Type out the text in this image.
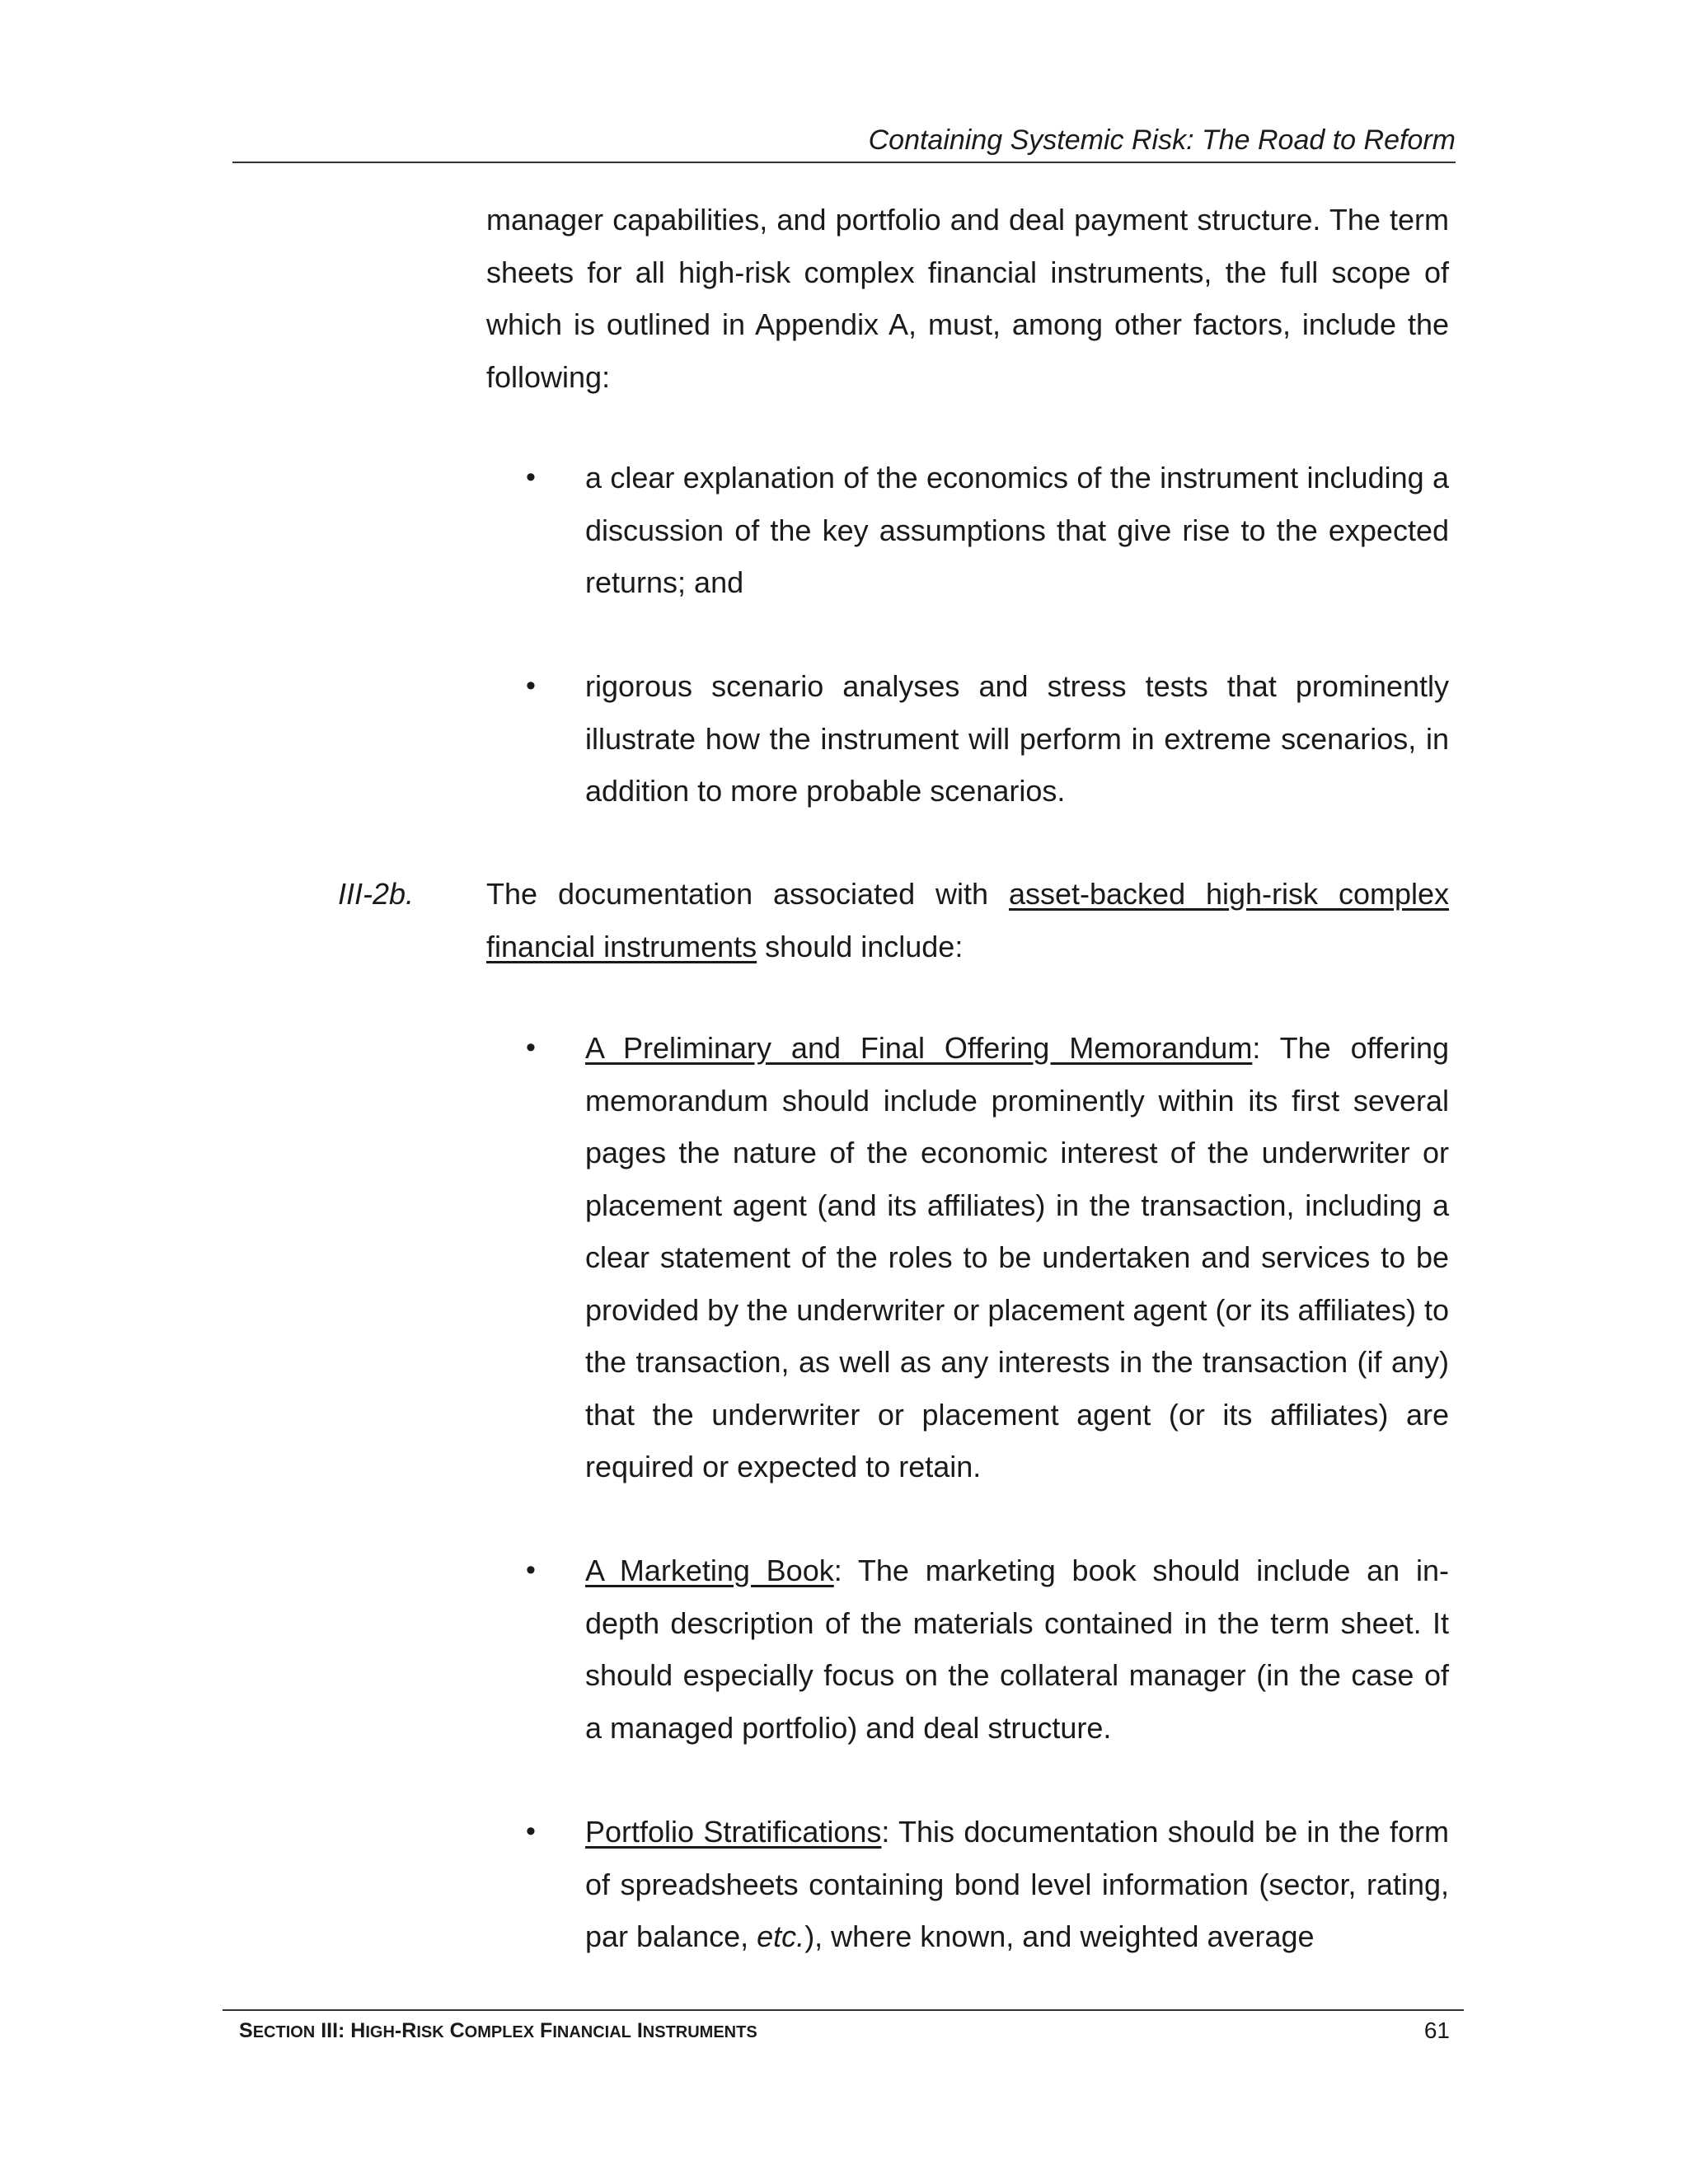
Containing Systemic Risk: The Road to Reform

manager capabilities, and portfolio and deal payment structure. The term sheets for all high-risk complex financial instruments, the full scope of which is outlined in Appendix A, must, among other factors, include the following:

• a clear explanation of the economics of the instrument including a discussion of the key assumptions that give rise to the expected returns; and
• rigorous scenario analyses and stress tests that prominently illustrate how the instrument will perform in extreme scenarios, in addition to more probable scenarios.
III-2b. The documentation associated with asset-backed high-risk complex financial instruments should include:

• A Preliminary and Final Offering Memorandum: The offering memorandum should include prominently within its first several pages the nature of the economic interest of the underwriter or placement agent (and its affiliates) in the transaction, including a clear statement of the roles to be undertaken and services to be provided by the underwriter or placement agent (or its affiliates) to the transaction, as well as any interests in the transaction (if any) that the underwriter or placement agent (or its affiliates) are required or expected to retain.
• A Marketing Book: The marketing book should include an in-depth description of the materials contained in the term sheet. It should especially focus on the collateral manager (in the case of a managed portfolio) and deal structure.
• Portfolio Stratifications: This documentation should be in the form of spreadsheets containing bond level information (sector, rating, par balance, etc.), where known, and weighted average
SECTION III: HIGH-RISK COMPLEX FINANCIAL INSTRUMENTS	61
